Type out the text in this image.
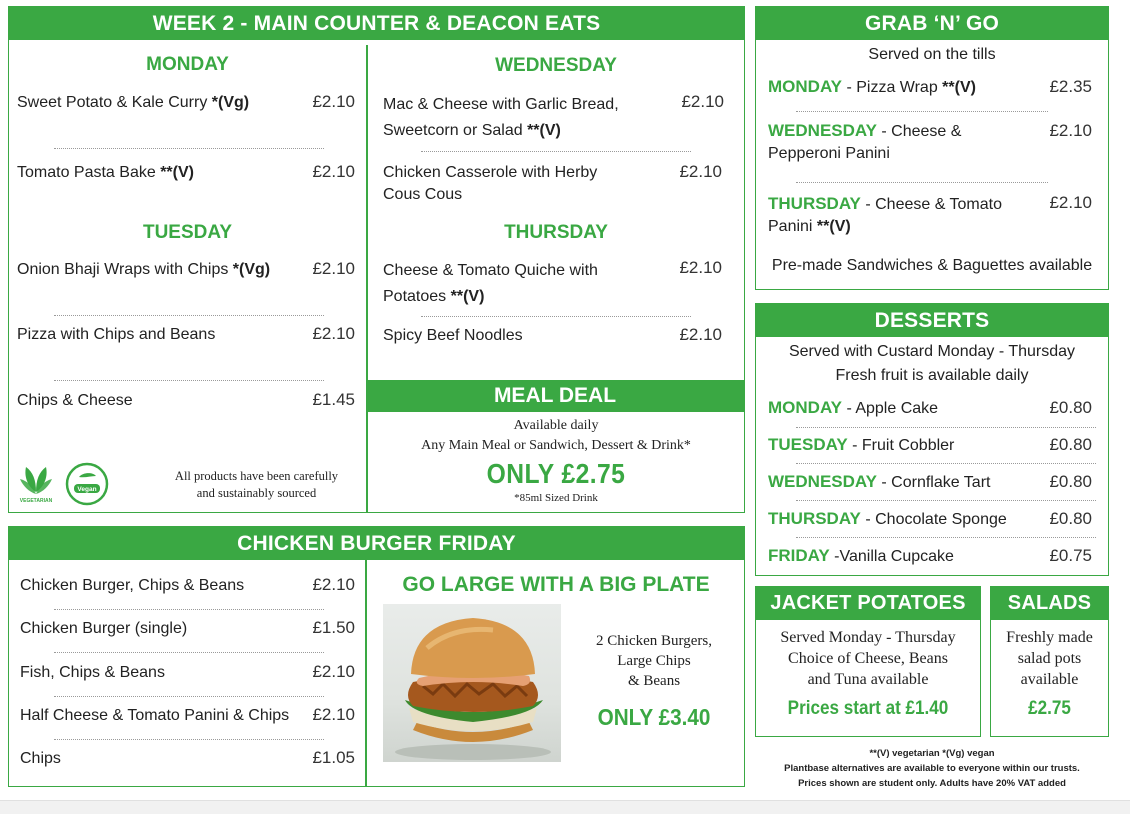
WEEK 2 - MAIN COUNTER & DEACON EATS
MONDAY
Sweet Potato & Kale Curry *(Vg)	£2.10
Tomato Pasta Bake **(V)	£2.10
TUESDAY
Onion Bhaji Wraps with Chips *(Vg)	£2.10
Pizza with Chips and Beans	£2.10
Chips & Cheese	£1.45
VEGETARIAN
Vegan
All products have been carefully
and sustainably sourced
WEDNESDAY
Mac & Cheese with Garlic Bread,
Sweetcorn or Salad **(V)
£2.10
Chicken Casserole with Herby
Cous Cous
£2.10
THURSDAY
Cheese & Tomato Quiche with
Potatoes **(V)
£2.10
Spicy Beef Noodles	£2.10
MEAL DEAL
Available daily
Any Main Meal or Sandwich, Dessert & Drink*
ONLY £2.75
*85ml Sized Drink
CHICKEN BURGER FRIDAY
Chicken Burger, Chips & Beans	£2.10
Chicken Burger (single)	£1.50
Fish, Chips & Beans	£2.10
Half Cheese & Tomato Panini & Chips	£2.10
Chips	£1.05
GO LARGE WITH A BIG PLATE
2 Chicken Burgers,
Large Chips
& Beans
ONLY £3.40
GRAB ‘N’ GO
Served on the tills
MONDAY - Pizza Wrap **(V)	£2.35
WEDNESDAY - Cheese &
Pepperoni Panini
£2.10
THURSDAY - Cheese & Tomato
Panini **(V)
£2.10
Pre-made Sandwiches & Baguettes available
DESSERTS
Served with Custard Monday - Thursday
Fresh fruit is available daily
MONDAY - Apple Cake	£0.80
TUESDAY - Fruit Cobbler	£0.80
WEDNESDAY - Cornflake Tart	£0.80
THURSDAY - Chocolate Sponge	£0.80
FRIDAY -Vanilla Cupcake	£0.75
JACKET POTATOES
Served Monday - Thursday
Choice of Cheese, Beans
and Tuna available
Prices start at £1.40
SALADS
Freshly made
salad pots
available
£2.75
**(V) vegetarian *(Vg) vegan
Plantbase alternatives are available to everyone within our trusts.
Prices shown are student only. Adults have 20% VAT added
